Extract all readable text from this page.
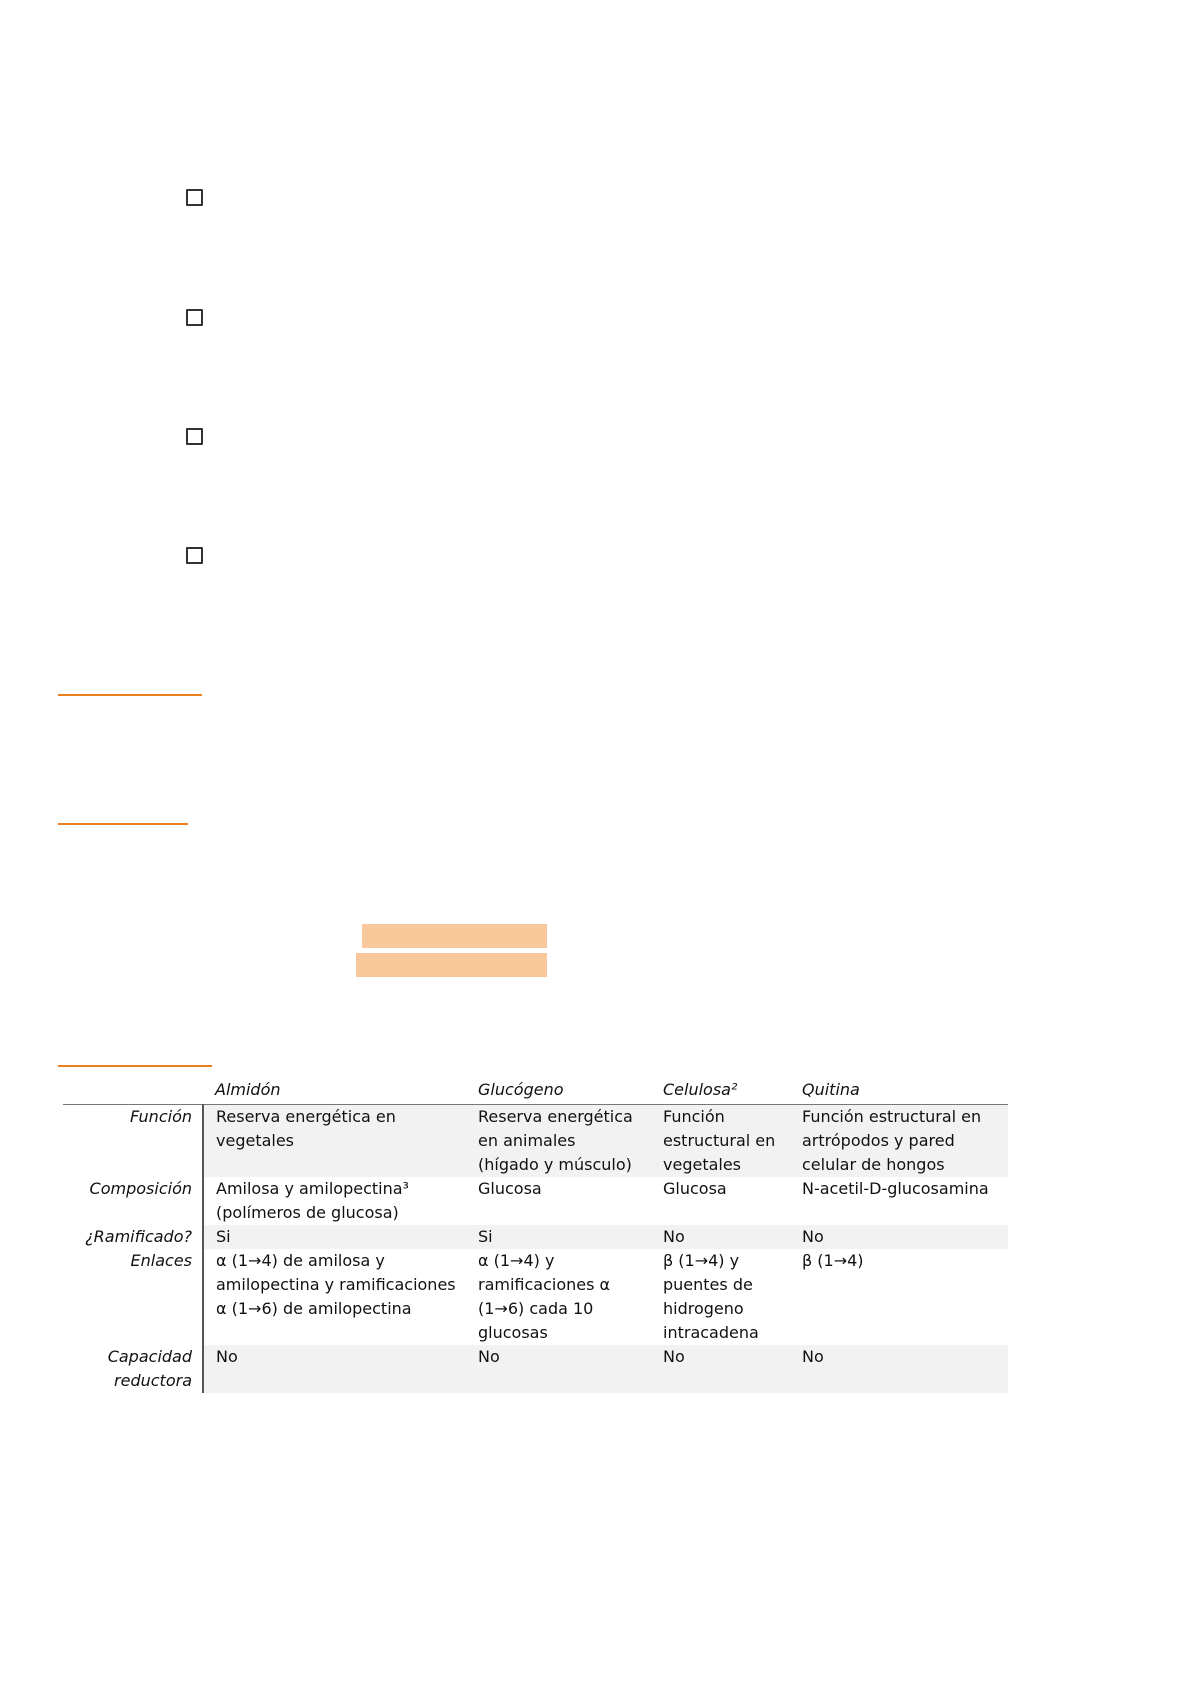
	Almidón	Glucógeno	Celulosa²	Quitina
Función	Reserva energética en vegetales	Reserva energética en animales (hígado y músculo)	Función estructural en vegetales	Función estructural en artrópodos y pared celular de hongos
Composición	Amilosa y amilopectina³ (polímeros de glucosa)	Glucosa	Glucosa	N-acetil-D-glucosamina
¿Ramificado?	Si	Si	No	No
Enlaces	α (1→4) de amilosa y amilopectina y ramificaciones α (1→6) de amilopectina	α (1→4) y ramificaciones α (1→6) cada 10 glucosas	β (1→4) y puentes de hidrogeno intracadena	β (1→4)
Capacidad reductora	No	No	No	No
